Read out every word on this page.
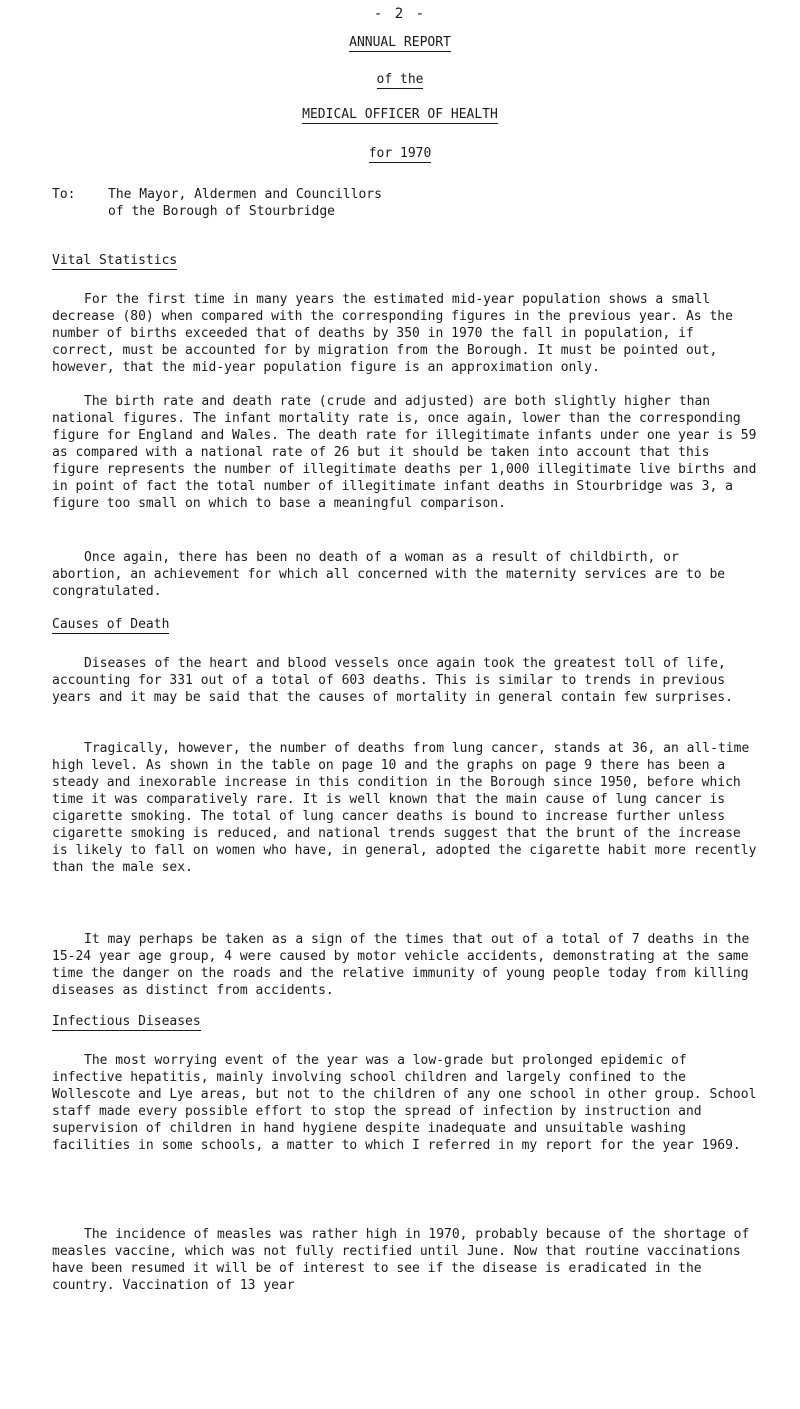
- 2 -
ANNUAL REPORT
of the
MEDICAL OFFICER OF HEALTH
for 1970
To:	The Mayor, Aldermen and Councillors
of the Borough of Stourbridge
Vital Statistics

For the first time in many years the estimated mid-year population shows a small decrease (80) when compared with the corresponding figures in the previous year. As the number of births exceeded that of deaths by 350 in 1970 the fall in population, if correct, must be accounted for by migration from the Borough. It must be pointed out, however, that the mid-year population figure is an approximation only.

The birth rate and death rate (crude and adjusted) are both slightly higher than national figures. The infant mortality rate is, once again, lower than the corresponding figure for England and Wales. The death rate for illegitimate infants under one year is 59 as compared with a national rate of 26 but it should be taken into account that this figure represents the number of illegitimate deaths per 1,000 illegitimate live births and in point of fact the total number of illegitimate infant deaths in Stourbridge was 3, a figure too small on which to base a meaningful comparison.

Once again, there has been no death of a woman as a result of childbirth, or abortion, an achievement for which all concerned with the maternity services are to be congratulated.

Causes of Death

Diseases of the heart and blood vessels once again took the greatest toll of life, accounting for 331 out of a total of 603 deaths. This is similar to trends in previous years and it may be said that the causes of mortality in general contain few surprises.

Tragically, however, the number of deaths from lung cancer, stands at 36, an all-time high level. As shown in the table on page 10 and the graphs on page 9 there has been a steady and inexorable increase in this condition in the Borough since 1950, before which time it was comparatively rare. It is well known that the main cause of lung cancer is cigarette smoking. The total of lung cancer deaths is bound to increase further unless cigarette smoking is reduced, and national trends suggest that the brunt of the increase is likely to fall on women who have, in general, adopted the cigarette habit more recently than the male sex.

It may perhaps be taken as a sign of the times that out of a total of 7 deaths in the 15-24 year age group, 4 were caused by motor vehicle accidents, demonstrating at the same time the danger on the roads and the relative immunity of young people today from killing diseases as distinct from accidents.

Infectious Diseases

The most worrying event of the year was a low-grade but prolonged epidemic of infective hepatitis, mainly involving school children and largely confined to the Wollescote and Lye areas, but not to the children of any one school in other group. School staff made every possible effort to stop the spread of infection by instruction and supervision of children in hand hygiene despite inadequate and unsuitable washing facilities in some schools, a matter to which I referred in my report for the year 1969.

The incidence of measles was rather high in 1970, probably because of the shortage of measles vaccine, which was not fully rectified until June. Now that routine vaccinations have been resumed it will be of interest to see if the disease is eradicated in the country. Vaccination of 13 year
